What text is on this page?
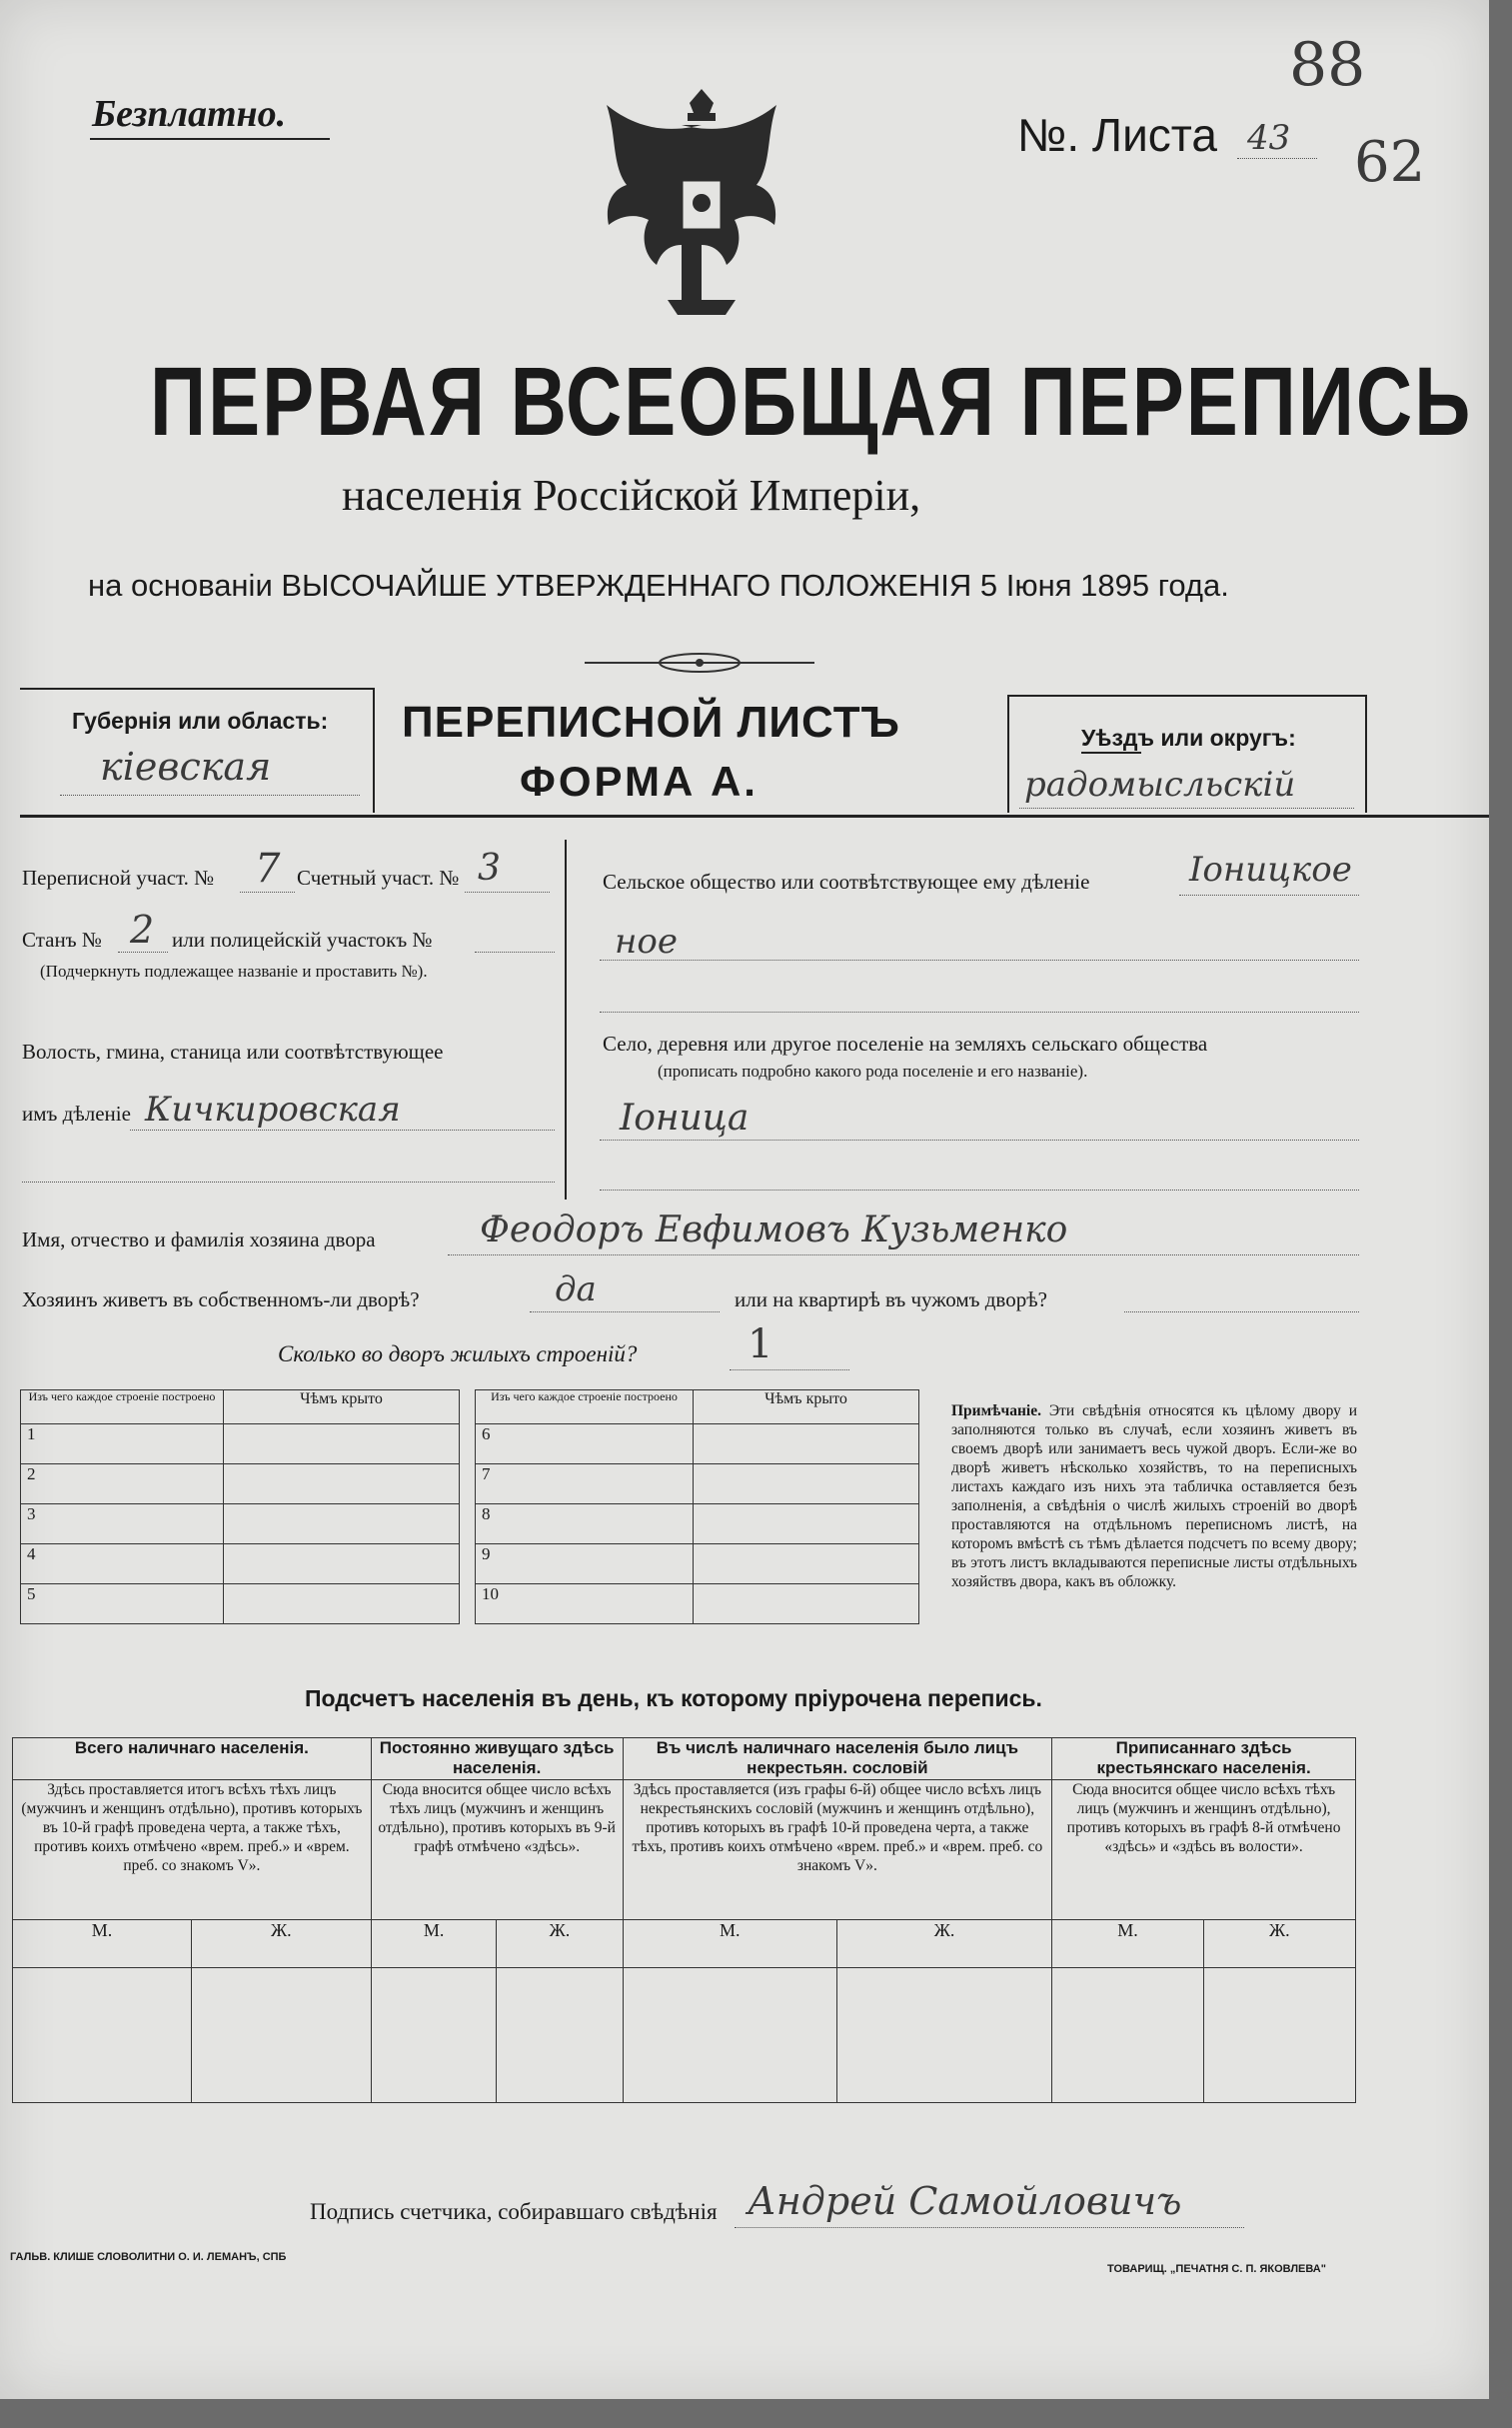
Безплатно.	№. Листа 43
88
62
ПЕРВАЯ ВСЕОБЩАЯ ПЕРЕПИСЬ
населенія Россійской Имперіи,
на основаніи ВЫСОЧАЙШЕ УТВЕРЖДЕННАГО ПОЛОЖЕНІЯ 5 Іюня 1895 года.
Губернія или область:
кіевская
ПЕРЕПИСНОЙ ЛИСТЪ
ФОРМА А.
Уѣздъ или округъ:
радомысльскій
Переписной участ. № 7 Счетный участ. № 3
Станъ № 2 или полицейскій участокъ №
(Подчеркнуть подлежащее названіе и проставить №).
Волость, гмина, станица или соотвѣтствующее
имъ дѣленіе Кичкировская
Сельское общество или соотвѣтствующее ему дѣленіе	Іоницкое
ное
Село, деревня или другое поселеніе на земляхъ сельскаго общества
(прописать подробно какого рода поселеніе и его названіе).
Іоница
Имя, отчество и фамилія хозяина двора	Феодоръ Евфимовъ Кузьменко
Хозяинъ живетъ въ собственномъ-ли дворѣ?	да	или на квартирѣ въ чужомъ дворѣ?
Сколько во дворъ жилыхъ строеній?	1
Изъ чего каждое строеніе построено	Чѣмъ крыто
1	
2	
3	
4	
5	
Изъ чего каждое строеніе построено	Чѣмъ крыто
6	
7	
8	
9	
10	
Примѣчаніе. Эти свѣдѣнія относятся къ цѣлому двору и заполняются только въ случаѣ, если хозяинъ живетъ въ своемъ дворѣ или занимаетъ весь чужой дворъ. Если-же во дворѣ живетъ нѣсколько хозяйствъ, то на переписныхъ листахъ каждаго изъ нихъ эта табличка оставляется безъ заполненія, а свѣдѣнія о числѣ жилыхъ строеній во дворѣ проставляются на отдѣльномъ переписномъ листѣ, на которомъ вмѣстѣ съ тѣмъ дѣлается подсчетъ по всему двору; въ этотъ листъ вкладываются переписные листы отдѣльныхъ хозяйствъ двора, какъ въ обложку.
Подсчетъ населенія въ день, къ которому пріурочена перепись.
Всего наличнаго населенія.		Постоянно живущаго здѣсь населенія.		Въ числѣ наличнаго населенія было лицъ некрестьян. сословій		Приписаннаго здѣсь крестьянскаго населенія.	
Здѣсь проставляется итогъ всѣхъ тѣхъ лицъ (мужчинъ и женщинъ отдѣльно), противъ которыхъ въ 10-й графѣ проведена черта, а также тѣхъ, противъ коихъ отмѣчено «врем. преб.» и «врем. преб. со знакомъ V».		Сюда вносится общее число всѣхъ тѣхъ лицъ (мужчинъ и женщинъ отдѣльно), противъ которыхъ въ 9-й графѣ отмѣчено «здѣсь».		Здѣсь проставляется (изъ графы 6-й) общее число всѣхъ лицъ некрестьянскихъ сословій (мужчинъ и женщинъ отдѣльно), противъ которыхъ въ графѣ 10-й проведена черта, а также тѣхъ, противъ коихъ отмѣчено «врем. преб.» и «врем. преб. со знакомъ V».		Сюда вносится общее число всѣхъ тѣхъ лицъ (мужчинъ и женщинъ отдѣльно), противъ которыхъ въ графѣ 8-й отмѣчено «здѣсь» и «здѣсь въ волости».	
М.	Ж.	М.	Ж.	М.	Ж.	М.	Ж.

Подпись счетчика, собиравшаго свѣдѣнія Андрей Самойловичъ
ГАЛЬВ. КЛИШЕ СЛОВОЛИТНИ О. И. ЛЕМАНЪ, СПБ
ТОВАРИЩ. „ПЕЧАТНЯ С. П. ЯКОВЛЕВА"
